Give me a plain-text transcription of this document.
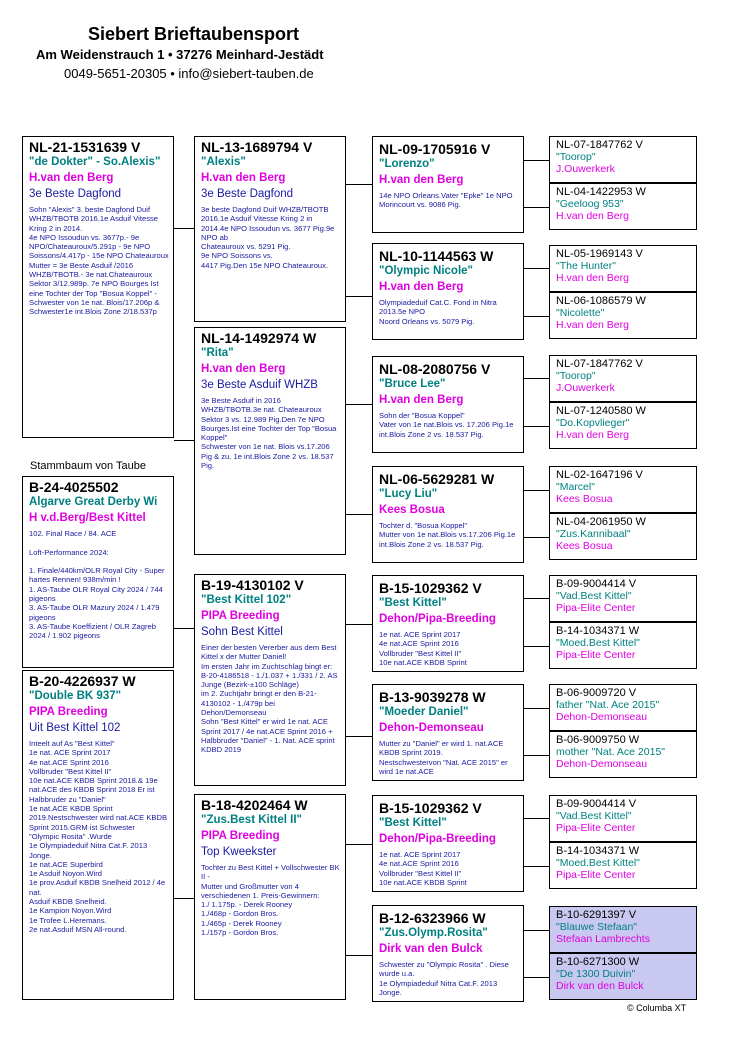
Siebert Brieftaubensport
Am Weidenstrauch 1 • 37276 Meinhard-Jestädt
0049-5651-20305 • info@siebert-tauben.de
NL-21-1531639 V
"de Dokter" - So.Alexis"
H.van den Berg
3e Beste Dagfond
Sohn "Alexis" 3. beste Dagfond Duif WHZB/TBOTB 2016.1e Asduif Vitesse Kring 2 in 2014.
4e NPO Issoudun vs. 3677p.- 9e NPO/Chateauroux/5.291p - 9e NPO Soissons/4.417p - 15e NPO Chateauroux
Mutter = 3e Beste Asduif /2016 WHZB/TBOTB.- 3e nat.Chateauroux Sektor 3/12.989p. 7e NPO Bourges Ist eine Tochter der Top "Bosua Koppel" - Schwester von 1e nat. Blois/17.206p & Schwester1e int.Blois Zone 2/18.537p
Stammbaum von Taube
B-24-4025502
Algarve Great Derby Wi
H v.d.Berg/Best Kittel
102. Final Race / 84. ACE

Loft-Performance 2024:

1. Finale/440km/OLR Royal City - Super hartes Rennen! 938m/min !
1. AS-Taube OLR Royal City 2024 / 744 pigeons
3. AS-Taube OLR Mazury 2024 / 1.479 pigeons
3. AS-Taube Koeffizient / OLR Zagreb 2024 / 1.902 pigeons
B-20-4226937 W
"Double BK 937"
PIPA Breeding
Uit Best Kittel 102
Inteelt auf As "Best Kittel"
1e nat. ACE Sprint 2017
4e nat.ACE Sprint 2016
Vollbruder "Best Kittel II"
10e nat.ACE KBDB Sprint 2018.& 19e nat.ACE des KBDB Sprint 2018 Er ist
Halbbruder zu "Daniel"
1e nat.ACE KBDB Sprint 2019.Nestschwester wird nat.ACE KBDB Sprint 2015.GRM ist Schwester
"Olympic Rosita" .Wurde
1e Olympiadeduif Nitra Cat.F. 2013 Jonge.
1e nat.ACE Superbird
1e Asduif Noyon.Wird
1e prov.Asduif KBDB Snelheid 2012 / 4e nat.
Asduif KBDB Snelheid.
1e Kampion Noyon.Wird
1e Trofee L.Heremans.
2e nat.Asduif MSN All-round.
NL-13-1689794 V
"Alexis"
H.van den Berg
3e Beste Dagfond
3e beste Dagfond Duif WHZB/TBOTB 2016.1e Asduif Vitesse Kring 2 in 2014.4e NPO Issoudun vs. 3677 Pig.9e NPO ab
Chateauroux vs. 5291 Pig.
9e NPO Soissons vs.
4417 Pig.Den 15e NPO Chateauroux.
NL-14-1492974 W
"Rita"
H.van den Berg
3e Beste Asduif WHZB
3e Beste Asduif in 2016 WHZB/TBOTB.3e nat. Chateauroux Sektor 3 vs. 12.989 Pig.Den 7e NPO Bourges.Ist eine Tochter der Top "Bosua Koppel"
Schwester von 1e nat. Blois vs.17.206 Pig & zu. 1e int.Blois Zone 2 vs. 18.537 Pig.
B-19-4130102 V
"Best Kittel 102"
PIPA Breeding
Sohn Best Kittel
Einer der besten Vererber aus dem Best Kittel x der Mutter Daniel!
Im ersten Jahr im Zuchtschlag bingt er: B-20-4186518 - 1./1.037 + 1./331 / 2. AS Junge (Bezirk-±100 Schläge)
im 2. Zuchtjahr bringt er den B-21-4130102 - 1./479p bei Dehon/Demonseau
Sohn "Best Kittel" er wird 1e nat. ACE Sprint 2017 / 4e nat.ACE Sprint 2016 + Halbbruder "Daniel" - 1. Nat. ACE sprint KDBD 2019
B-18-4202464 W
"Zus.Best Kittel II"
PIPA Breeding
Top Kweekster
Tochter zu Best Kittel + Vollschwester BK II -
Mutter und Großmutter von 4 verschiedenen 1. Preis-Gewinnern:
1./ 1.175p. - Derek Rooney
1./468p - Gordon Bros.
1./465p - Derek Rooney
1./157p - Gordon Bros.
NL-09-1705916 V
"Lorenzo"
H.van den Berg
14e NPO Orleans.Vater "Epke" 1e NPO Morincourt vs. 9086 Pig.
NL-10-1144563 W
"Olympic Nicole"
H.van den Berg
Olympiadeduif Cat.C. Fond in Nitra 2013.5e NPO
Noord Orleans vs. 5079 Pig.
NL-08-2080756 V
"Bruce Lee"
H.van den Berg
Sohn der "Bosua Koppel"
Vater von 1e nat.Blois vs. 17.206 Pig.1e int.Blois Zone 2 vs. 18.537 Pig.
NL-06-5629281 W
"Lucy Liu"
Kees Bosua
Tochter d. "Bosua Koppel"
Mutter von 1e nat.Blois vs.17.206 Pig.1e int.Blois Zone 2 vs. 18.537 Pig.
B-15-1029362 V
"Best Kittel"
Dehon/Pipa-Breeding
1e nat. ACE Sprint 2017
4e nat.ACE Sprint 2016
Vollbruder "Best Kittel II"
10e nat.ACE KBDB Sprint
B-13-9039278 W
"Moeder Daniel"
Dehon-Demonseau
Mutter zu "Daniel" er wird 1. nat.ACE KBDB Sprint 2019.
Nestschwestervon "Nat. ACE 2015" er wird 1e nat.ACE
B-15-1029362 V
"Best Kittel"
Dehon/Pipa-Breeding
1e nat. ACE Sprint 2017
4e nat.ACE Sprint 2016
Vollbruder "Best Kittel II"
10e nat.ACE KBDB Sprint
B-12-6323966 W
"Zus.Olymp.Rosita"
Dirk van den Bulck
Schwester zu "Olympic Rosita" . Diese wurde u.a.
1e Olympiadeduif Nitra Cat.F. 2013 Jonge.
NL-07-1847762 V
"Toorop"
J.Ouwerkerk
NL-04-1422953 W
"Geeloog 953"
H.van den Berg
NL-05-1969143 V
"The Hunter"
H.van den Berg
NL-06-1086579 W
"Nicolette"
H.van den Berg
NL-07-1847762 V
"Toorop"
J.Ouwerkerk
NL-07-1240580 W
"Do.Kopvlieger"
H.van den Berg
NL-02-1647196 V
"Marcel"
Kees Bosua
NL-04-2061950 W
"Zus.Kannibaal"
Kees Bosua
B-09-9004414 V
"Vad.Best Kittel"
Pipa-Elite Center
B-14-1034371 W
"Moed.Best Kittel"
Pipa-Elite Center
B-06-9009720 V
father "Nat. Ace 2015"
Dehon-Demonseau
B-06-9009750 W
mother "Nat. Ace 2015"
Dehon-Demonseau
B-09-9004414 V
"Vad.Best Kittel"
Pipa-Elite Center
B-14-1034371 W
"Moed.Best Kittel"
Pipa-Elite Center
B-10-6291397 V
"Blauwe Stefaan"
Stefaan Lambrechts
B-10-6271300 W
"De 1300 Duivin"
Dirk van den Bulck
© Columba XT
